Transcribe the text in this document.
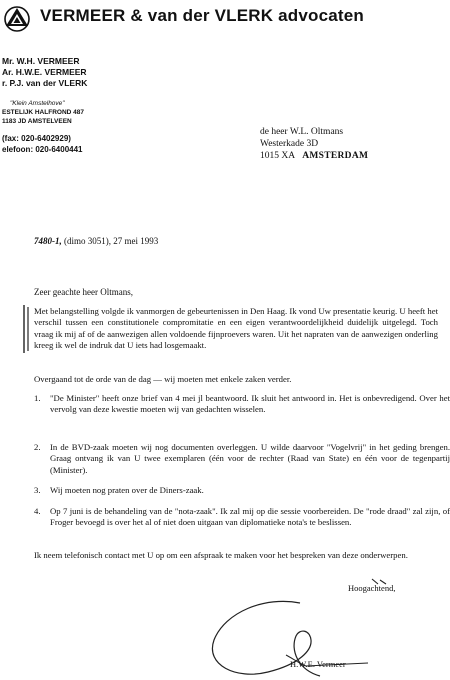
VERMEER & van der VLERK advocaten
Mr. W.H. VERMEER
Ar. H.W.E. VERMEER
r. P.J. van der VLERK
"Klein Amstelhove"
ESTELIJK HALFROND 487
1183 JD AMSTELVEEN
(fax: 020-6402929)
elefoon: 020-6400441
de heer W.L. Oltmans
Westerkade 3D
1015 XA AMSTERDAM
7480-1, (dimo 3051), 27 mei 1993
Zeer geachte heer Oltmans,
Met belangstelling volgde ik vanmorgen de gebeurtenissen in Den Haag. Ik vond Uw presentatie keurig. U heeft het verschil tussen een constitutionele compromitatie en een eigen verantwoordelijkheid duidelijk uitgelegd. Toch vraag ik mij af of de aanwezigen allen voldoende fijnproevers waren. Uit het napraten van de aanwezigen onderling kreeg ik wel de indruk dat U iets had losgemaakt.
Overgaand tot de orde van de dag — wij moeten met enkele zaken verder.
1. "De Minister" heeft onze brief van 4 mei jl beantwoord. Ik sluit het antwoord in. Het is onbevredigend. Over het vervolg van deze kwestie moeten wij van gedachten wisselen.
2. In de BVD-zaak moeten wij nog documenten overleggen. U wilde daarvoor "Vogelvrij" in het geding brengen. Graag ontvang ik van U twee exemplaren (één voor de rechter (Raad van State) en één voor de tegenpartij (Minister).
3. Wij moeten nog praten over de Diners-zaak.
4. Op 7 juni is de behandeling van de "nota-zaak". Ik zal mij op die sessie voorbereiden. De "rode draad" zal zijn, of Froger bevoegd is over het al of niet doen uitgaan van diplomatieke nota's te beslissen.
Ik neem telefonisch contact met U op om een afspraak te maken voor het bespreken van deze onderwerpen.
Hoogachtend,
H.W.E. Vermeer
